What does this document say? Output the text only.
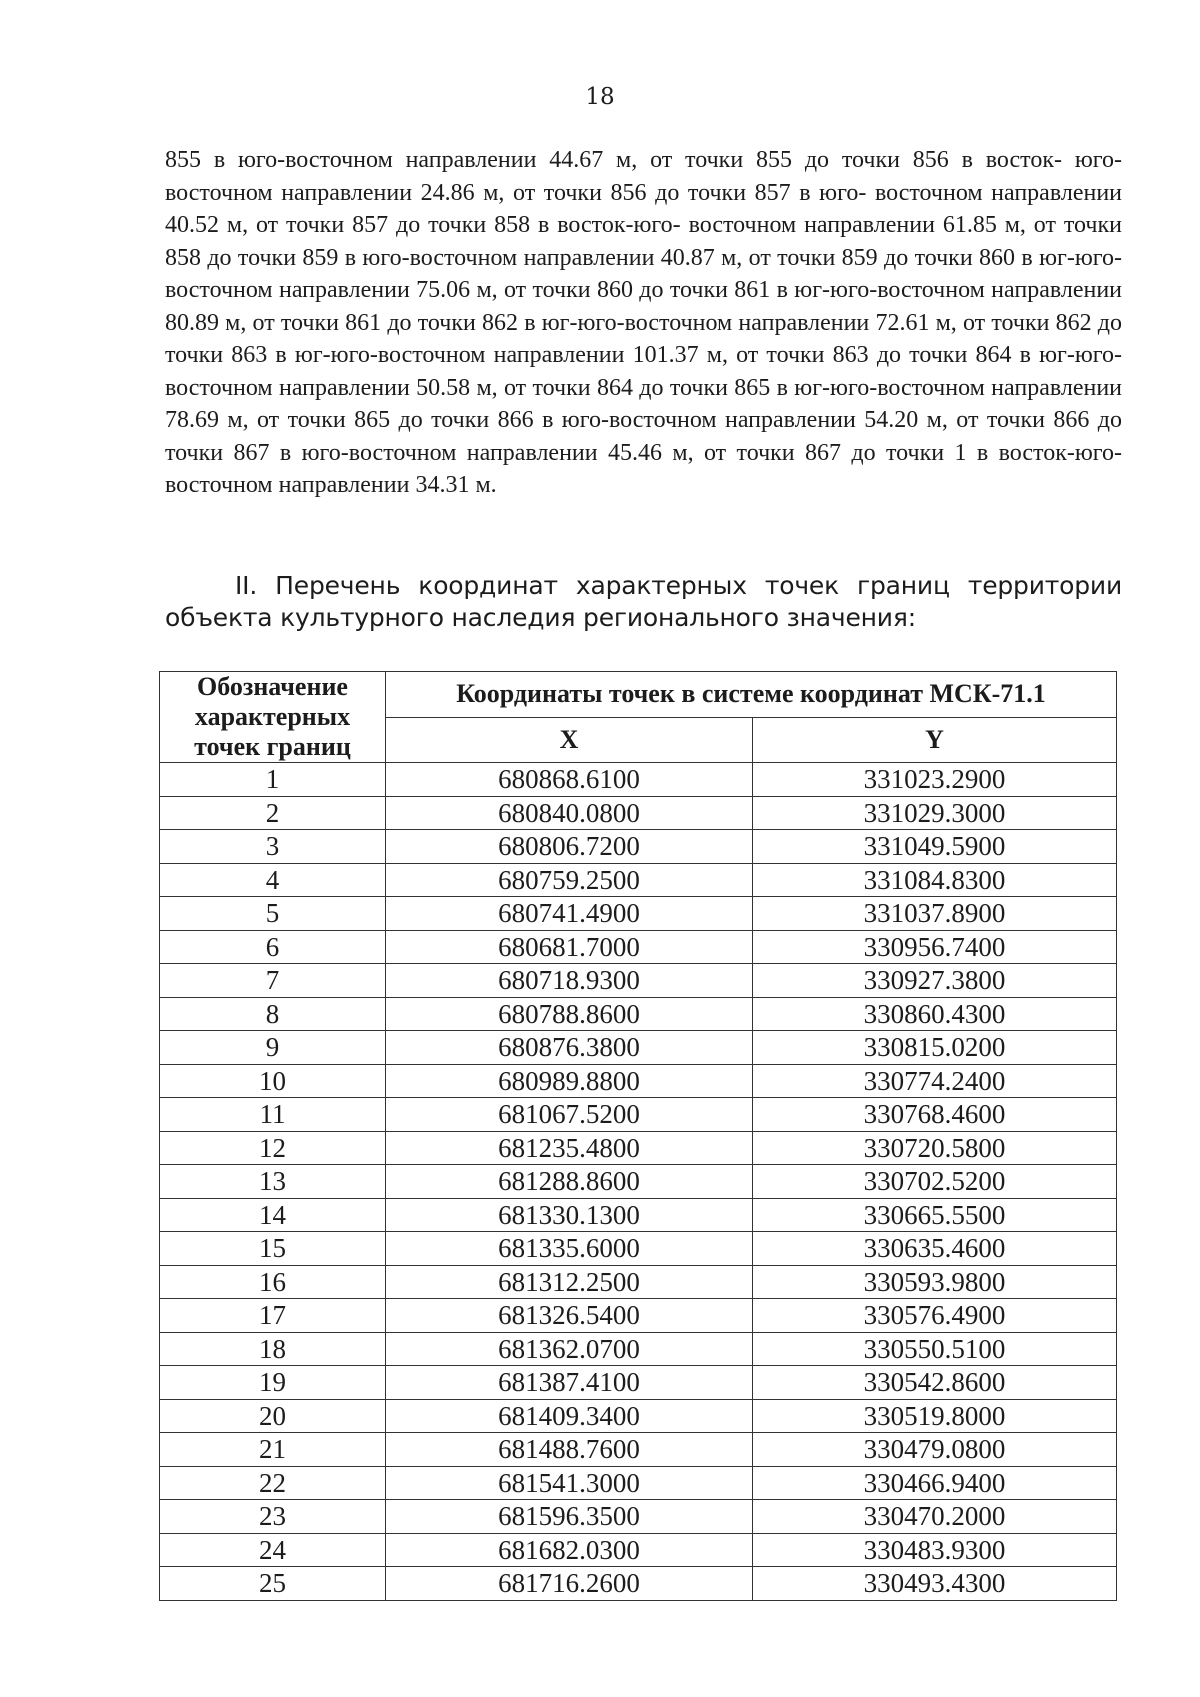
18

855 в юго-восточном направлении 44.67 м, от точки 855 до точки 856 в восток- юго-восточном направлении 24.86 м, от точки 856 до точки 857 в юго- восточном направлении 40.52 м, от точки 857 до точки 858 в восток-юго- восточном направлении 61.85 м, от точки 858 до точки 859 в юго-восточном направлении 40.87 м, от точки 859 до точки 860 в юг-юго-восточном направлении 75.06 м, от точки 860 до точки 861 в юг-юго-восточном направлении 80.89 м, от точки 861 до точки 862 в юг-юго-восточном направлении 72.61 м, от точки 862 до точки 863 в юг-юго-восточном направлении 101.37 м, от точки 863 до точки 864 в юг-юго-восточном направлении 50.58 м, от точки 864 до точки 865 в юг-юго-восточном направлении 78.69 м, от точки 865 до точки 866 в юго-восточном направлении 54.20 м, от точки 866 до точки 867 в юго-восточном направлении 45.46 м, от точки 867 до точки 1 в восток-юго-восточном направлении 34.31 м.

II. Перечень координат характерных точек границ территории объекта культурного наследия регионального значения:

Обозначение характерных точек границ	Координаты точек в системе координат МСК-71.1	
	X	Y
1	680868.6100	331023.2900
2	680840.0800	331029.3000
3	680806.7200	331049.5900
4	680759.2500	331084.8300
5	680741.4900	331037.8900
6	680681.7000	330956.7400
7	680718.9300	330927.3800
8	680788.8600	330860.4300
9	680876.3800	330815.0200
10	680989.8800	330774.2400
11	681067.5200	330768.4600
12	681235.4800	330720.5800
13	681288.8600	330702.5200
14	681330.1300	330665.5500
15	681335.6000	330635.4600
16	681312.2500	330593.9800
17	681326.5400	330576.4900
18	681362.0700	330550.5100
19	681387.4100	330542.8600
20	681409.3400	330519.8000
21	681488.7600	330479.0800
22	681541.3000	330466.9400
23	681596.3500	330470.2000
24	681682.0300	330483.9300
25	681716.2600	330493.4300
